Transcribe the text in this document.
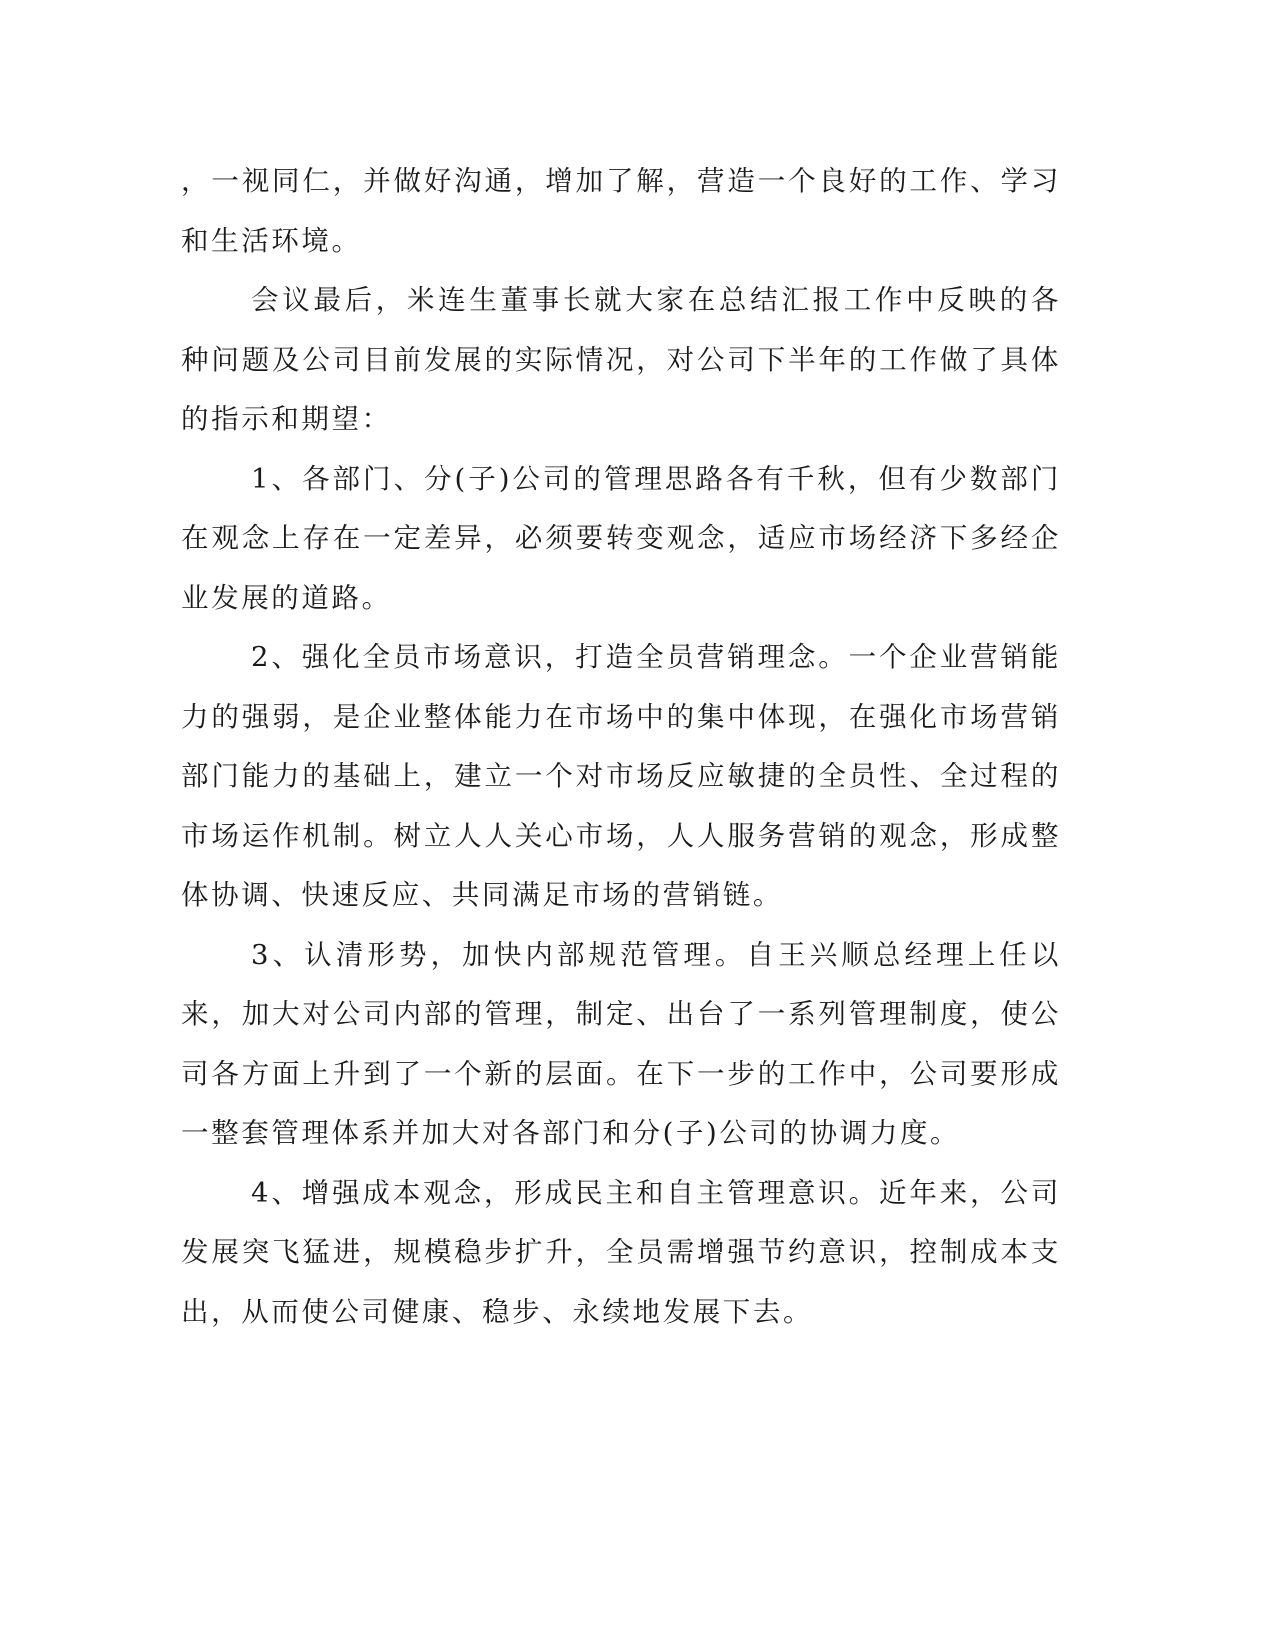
，一视同仁，并做好沟通，增加了解，营造一个良好的工作、学习和生活环境。

会议最后，米连生董事长就大家在总结汇报工作中反映的各种问题及公司目前发展的实际情况，对公司下半年的工作做了具体的指示和期望：

1、各部门、分(子)公司的管理思路各有千秋，但有少数部门在观念上存在一定差异，必须要转变观念，适应市场经济下多经企业发展的道路。

2、强化全员市场意识，打造全员营销理念。一个企业营销能力的强弱，是企业整体能力在市场中的集中体现，在强化市场营销部门能力的基础上，建立一个对市场反应敏捷的全员性、全过程的市场运作机制。树立人人关心市场，人人服务营销的观念，形成整体协调、快速反应、共同满足市场的营销链。

3、认清形势，加快内部规范管理。自王兴顺总经理上任以来，加大对公司内部的管理，制定、出台了一系列管理制度，使公司各方面上升到了一个新的层面。在下一步的工作中，公司要形成一整套管理体系并加大对各部门和分(子)公司的协调力度。

4、增强成本观念，形成民主和自主管理意识。近年来，公司发展突飞猛进，规模稳步扩升，全员需增强节约意识，控制成本支出，从而使公司健康、稳步、永续地发展下去。
